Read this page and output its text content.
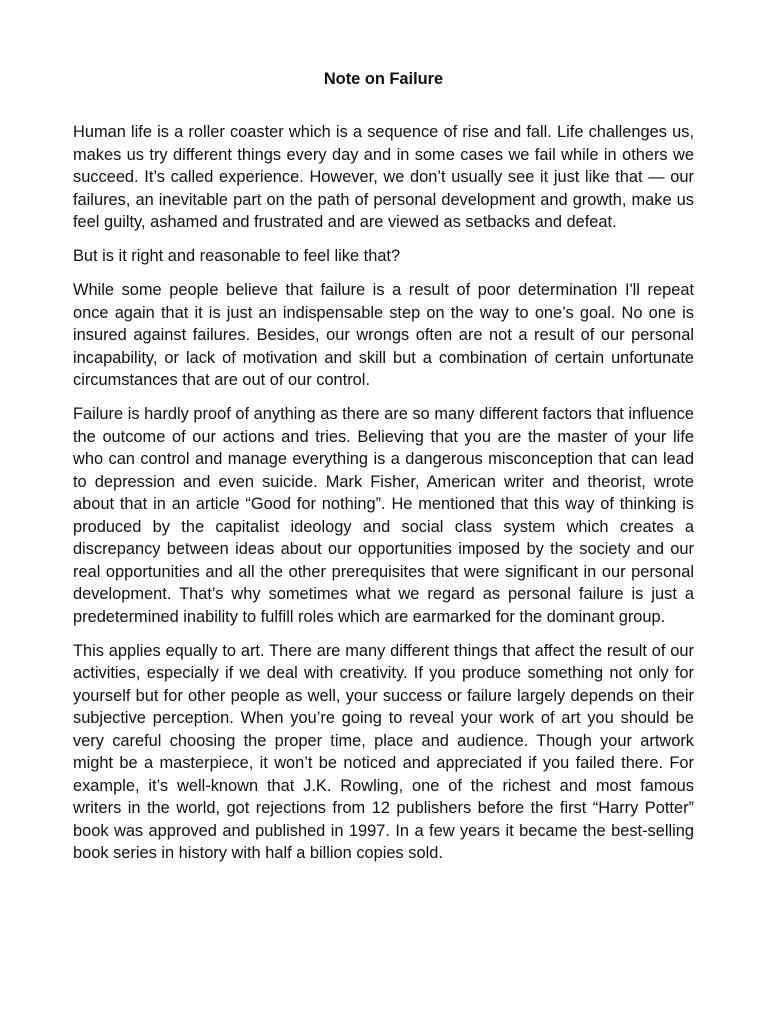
Note on Failure

Human life is a roller coaster which is a sequence of rise and fall. Life challenges us, makes us try different things every day and in some cases we fail while in others we succeed. It’s called experience. However, we don’t usually see it just like that — our failures, an inevitable part on the path of personal development and growth, make us feel guilty, ashamed and frustrated and are viewed as setbacks and defeat.

But is it right and reasonable to feel like that?

While some people believe that failure is a result of poor determination I'll repeat once again that it is just an indispensable step on the way to one’s goal. No one is insured against failures. Besides, our wrongs often are not a result of our personal incapability, or lack of motivation and skill but a combination of certain unfortunate circumstances that are out of our control.

Failure is hardly proof of anything as there are so many different factors that influence the outcome of our actions and tries. Believing that you are the master of your life who can control and manage everything is a dangerous misconception that can lead to depression and even suicide. Mark Fisher, American writer and theorist, wrote about that in an article “Good for nothing”. He mentioned that this way of thinking is produced by the capitalist ideology and social class system which creates a discrepancy between ideas about our opportunities imposed by the society and our real opportunities and all the other prerequisites that were significant in our personal development. That’s why sometimes what we regard as personal failure is just a predetermined inability to fulfill roles which are earmarked for the dominant group.

This applies equally to art. There are many different things that affect the result of our activities, especially if we deal with creativity. If you produce something not only for yourself but for other people as well, your success or failure largely depends on their subjective perception. When you’re going to reveal your work of art you should be very careful choosing the proper time, place and audience. Though your artwork might be a masterpiece, it won’t be noticed and appreciated if you failed there. For example, it’s well-known that J.K. Rowling, one of the richest and most famous writers in the world, got rejections from 12 publishers before the first “Harry Potter” book was approved and published in 1997. In a few years it became the best-selling book series in history with half a billion copies sold.
